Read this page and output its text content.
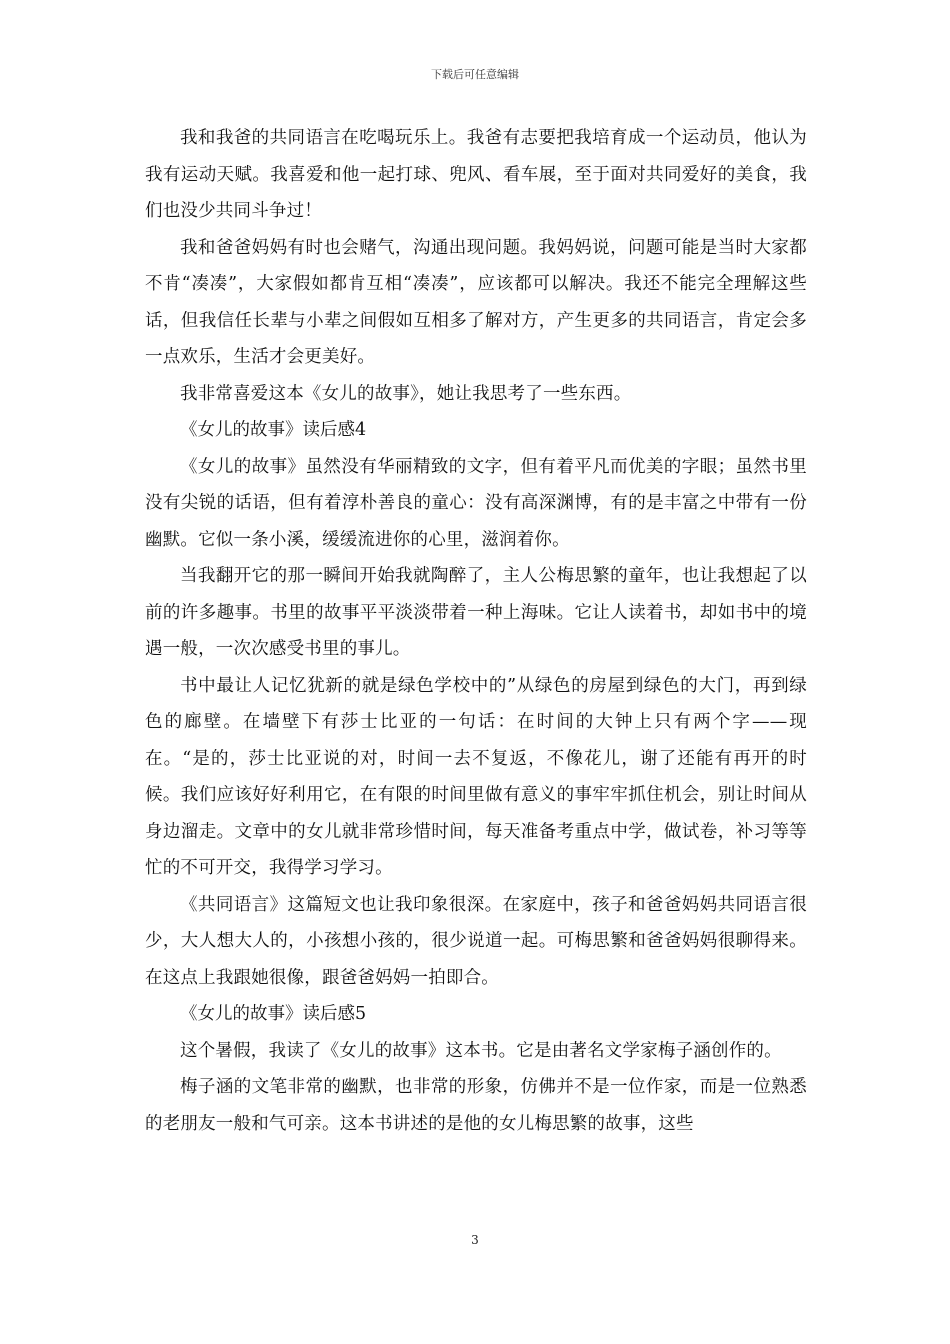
下载后可任意编辑

我和我爸的共同语言在吃喝玩乐上。我爸有志要把我培育成一个运动员，他认为我有运动天赋。我喜爱和他一起打球、兜风、看车展，至于面对共同爱好的美食，我们也没少共同斗争过！

我和爸爸妈妈有时也会赌气，沟通出现问题。我妈妈说，问题可能是当时大家都不肯“凑凑”，大家假如都肯互相“凑凑”，应该都可以解决。我还不能完全理解这些话，但我信任长辈与小辈之间假如互相多了解对方，产生更多的共同语言，肯定会多一点欢乐，生活才会更美好。

我非常喜爱这本《女儿的故事》，她让我思考了一些东西。

《女儿的故事》读后感4

《女儿的故事》虽然没有华丽精致的文字，但有着平凡而优美的字眼；虽然书里没有尖锐的话语，但有着淳朴善良的童心：没有高深渊博，有的是丰富之中带有一份幽默。它似一条小溪，缓缓流进你的心里，滋润着你。

当我翻开它的那一瞬间开始我就陶醉了，主人公梅思繁的童年，也让我想起了以前的许多趣事。书里的故事平平淡淡带着一种上海味。它让人读着书，却如书中的境遇一般，一次次感受书里的事儿。

书中最让人记忆犹新的就是绿色学校中的”从绿色的房屋到绿色的大门，再到绿色的廊壁。在墙壁下有莎士比亚的一句话：在时间的大钟上只有两个字——现在。“是的，莎士比亚说的对，时间一去不复返，不像花儿，谢了还能有再开的时候。我们应该好好利用它，在有限的时间里做有意义的事牢牢抓住机会，别让时间从身边溜走。文章中的女儿就非常珍惜时间，每天准备考重点中学，做试卷，补习等等忙的不可开交，我得学习学习。

《共同语言》这篇短文也让我印象很深。在家庭中，孩子和爸爸妈妈共同语言很少，大人想大人的，小孩想小孩的，很少说道一起。可梅思繁和爸爸妈妈很聊得来。在这点上我跟她很像，跟爸爸妈妈一拍即合。

《女儿的故事》读后感5

这个暑假，我读了《女儿的故事》这本书。它是由著名文学家梅子涵创作的。

梅子涵的文笔非常的幽默，也非常的形象，仿佛并不是一位作家，而是一位熟悉的老朋友一般和气可亲。这本书讲述的是他的女儿梅思繁的故事，这些

3
